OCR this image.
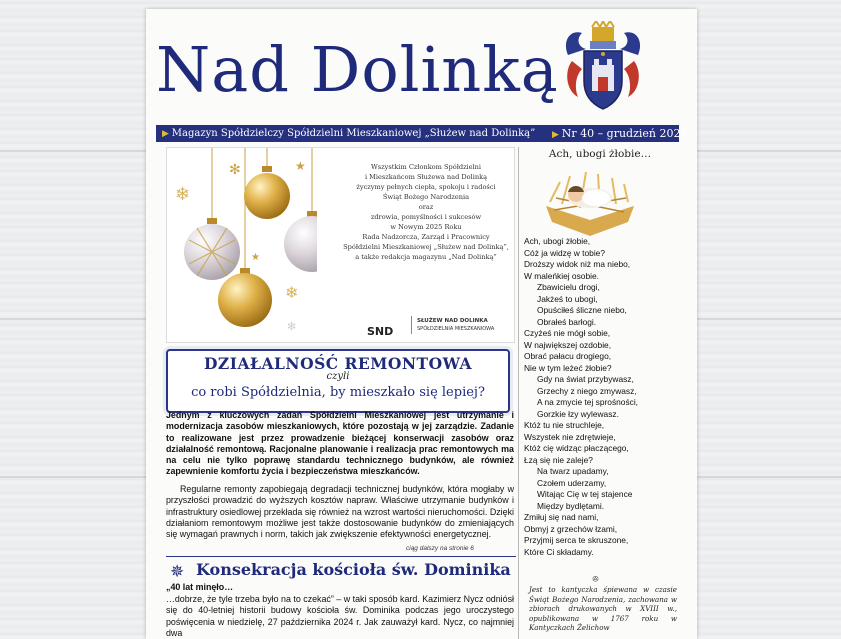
Nad Dolinką
▶ Magazyn Spółdzielczy Spółdzielni Mieszkaniowej „Służew nad Dolinką” ▶ Nr 40 – grudzień 2024
✻
❄
❄
★
★
✻
Wszystkim Członkom Spółdzielni
i Mieszkańcom Służewa nad Dolinką
życzymy pełnych ciepła, spokoju i radości
Świąt Bożego Narodzenia
oraz
zdrowia, pomyślności i sukcesów
w Nowym 2025 Roku
Rada Nadzorcza, Zarząd i Pracownicy
Spółdzielni Mieszkaniowej „Służew nad Dolinką”,
a także redakcja magazynu „Nad Dolinką”
SND
SŁUŻEW NAD DOLINKA
SPÓŁDZIELNIA MIESZKANIOWA
DZIAŁALNOŚĆ REMONTOWA
czyli
co robi Spółdzielnia, by mieszkało się lepiej?
Jednym z kluczowych zadań Spółdzielni Mieszkaniowej jest utrzymanie i modernizacja zasobów mieszkaniowych, które pozostają w jej zarządzie. Zadanie to realizowane jest przez prowadzenie bieżącej konserwacji zasobów oraz działalność remontową. Racjonalne planowanie i realizacja prac remontowych ma na celu nie tylko poprawę standardu technicznego budynków, ale również zapewnienie komfortu życia i bezpieczeństwa mieszkańców.
Regularne remonty zapobiegają degradacji technicznej budynków, która mogłaby w przyszłości prowadzić do wyższych kosztów napraw. Właściwe utrzymanie budynków i infrastruktury osiedlowej przekłada się również na wzrost wartości nieruchomości. Dzięki działaniom remontowym możliwe jest także dostosowanie budynków do zmieniających się wymagań prawnych i norm, takich jak zwiększenie efektywności energetycznej.
ciąg dalszy na stronie 6
✵ Konsekracja kościoła św. Dominika
„40 lat minęło…
…dobrze, że tyle trzeba było na to czekać” – w taki sposób kard. Kazimierz Nycz odniósł się do 40-letniej historii budowy kościoła św. Dominika podczas jego uroczystego poświęcenia w niedzielę, 27 października 2024 r. Jak zauważył kard. Nycz, co najmniej dwa
Ach, ubogi żłobie…
Ach, ubogi żłobie,
Cóż ja widzę w tobie?
Droższy widok niż ma niebo,
W maleńkiej osobie.
Zbawicielu drogi,
Jakżeś to ubogi,
Opuściłeś śliczne niebo,
Obrałeś barłogi.
Czyżeś nie mógł sobie,
W największej ozdobie,
Obrać pałacu drogiego,
Nie w tym leżeć żłobie?
Gdy na świat przybywasz,
Grzechy z niego zmywasz,
A na zmycie tej sprośności,
Gorzkie łzy wylewasz.
Któż tu nie struchleje,
Wszystek nie zdrętwieje,
Któż cię widząc płaczącego,
Łzą się nie zaleje?
Na twarz upadamy,
Czołem uderzamy,
Witając Cię w tej stajence
Między bydlętami.
Zmiłuj się nad nami,
Obmyj z grzechów łzami,
Przyjmij serca te skruszone,
Które Ci składamy.
ꔮ
Jest to kantyczka śpiewana w czasie Świąt Bożego Narodzenia, zachowana w zbiorach drukowanych w XVIII w., opublikowana w 1767 roku w Kantyczkach Żelichow
